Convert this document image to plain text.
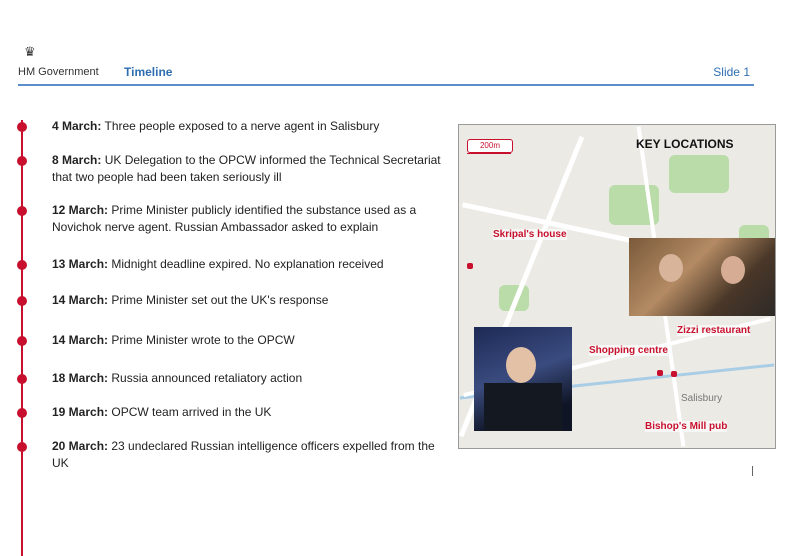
♛
HM Government Timeline	Slide 1
4 March: Three people exposed to a nerve agent in Salisbury
8 March: UK Delegation to the OPCW informed the Technical Secretariat that two people had been taken seriously ill
12 March: Prime Minister publicly identified the substance used as a Novichok nerve agent. Russian Ambassador asked to explain
13 March: Midnight deadline expired. No explanation received
14 March: Prime Minister set out the UK's response
14 March: Prime Minister wrote to the OPCW
18 March: Russia announced retaliatory action
19 March: OPCW team arrived in the UK
20 March: 23 undeclared Russian intelligence officers expelled from the UK
200m	KEY LOCATIONS
Skripal's house
Zizzi restaurant
Shopping centre
Bishop's Mill pub
Salisbury
